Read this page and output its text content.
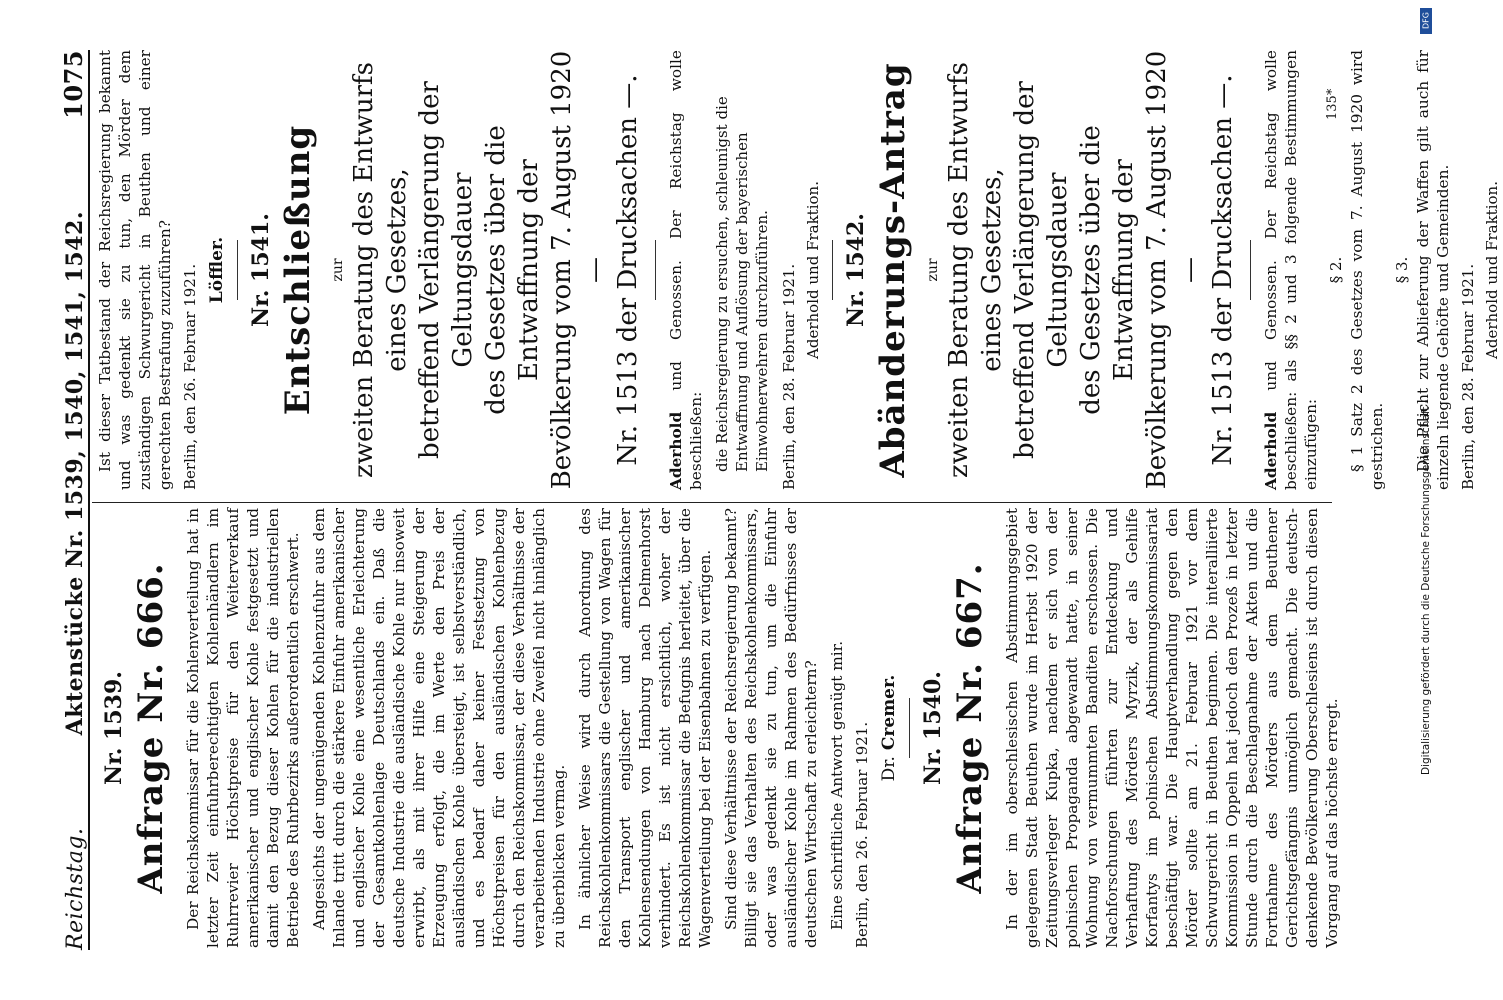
Reichstag.
Aktenstücke Nr. 1539, 1540, 1541, 1542.
1075
Nr. 1539. Anfrage Nr. 666. Der Reichskommissar für die Kohlenverteilung hat in letzter Zeit einfuhrberechtigten Kohlenhändlern im Ruhrrevier Höchstpreise für den Weiterverkauf amerikanischer und englischer Kohle festgesetzt und damit den Bezug dieser Kohlen für die industriellen Betriebe des Ruhrbezirks außerordentlich erschwert. Angesichts der ungenügenden Kohlenzufuhr aus dem Inlande tritt durch die stärkere Einfuhr amerikanischer und englischer Kohle eine wesentliche Erleichterung der Gesamtkohlenlage Deutschlands ein. Daß die deutsche Industrie die ausländische Kohle nur insoweit erwirbt, als mit ihrer Hilfe eine Steigerung der Erzeugung erfolgt, die im Werte den Preis der ausländischen Kohle übersteigt, ist selbstverständlich, und es bedarf daher keiner Festsetzung von Höchstpreisen für den ausländischen Kohlenbezug durch den Reichskommissar, der diese Verhältnisse der verarbeitenden Industrie ohne Zweifel nicht hinlänglich zu überblicken vermag. In ähnlicher Weise wird durch Anordnung des Reichskohlenkommissars die Gestellung von Wagen für den Transport englischer und amerikanischer Kohlensendungen von Hamburg nach Delmenhorst verhindert. Es ist nicht ersichtlich, woher der Reichskohlenkommissar die Befugnis herleitet, über die Wagenverteilung bei der Eisenbahnen zu verfügen. Sind diese Verhältnisse der Reichsregierung bekannt? Billigt sie das Verhalten des Reichskohlenkommissars, oder was gedenkt sie zu tun, um die Einfuhr ausländischer Kohle im Rahmen des Bedürfnisses der deutschen Wirtschaft zu erleichtern? Eine schriftliche Antwort genügt mir. Berlin, den 26. Februar 1921. Dr. Cremer. Nr. 1540. Anfrage Nr. 667. In der im oberschlesischen Abstimmungsgebiet gelegenen Stadt Beuthen wurde im Herbst 1920 der Zeitungsverleger Kupka, nachdem er sich von der polnischen Propaganda abgewandt hatte, in seiner Wohnung von vermummten Banditen erschossen. Die Nachforschungen führten zur Entdeckung und Verhaftung des Mörders Myrzik, der als Gehilfe Korfantys im polnischen Abstimmungskommissariat beschäftigt war. Die Hauptverhandlung gegen den Mörder sollte am 21. Februar 1921 vor dem Schwurgericht in Beuthen beginnen. Die interalliierte Kommission in Oppeln hat jedoch den Prozeß in letzter Stunde durch die Beschlagnahme der Akten und die Fortnahme des Mörders aus dem Beuthener Gerichtsgefängnis unmöglich gemacht. Die deutsch-denkende Bevölkerung Oberschlesiens ist durch diesen Vorgang auf das höchste erregt.

Ist dieser Tatbestand der Reichsregierung bekannt und was gedenkt sie zu tun, den Mörder dem zuständigen Schwurgericht in Beuthen und einer gerechten Bestrafung zuzuführen? Berlin, den 26. Februar 1921. Löffler. Nr. 1541. Entschließung zur zweiten Beratung des Entwurfs eines Gesetzes, betreffend Verlängerung der Geltungsdauer des Gesetzes über die Entwaffnung der Bevölkerung vom 7. August 1920 — Nr. 1513 der Drucksachen —. Aderhold und Genossen. Der Reichstag wolle beschließen: die Reichsregierung zu ersuchen, schleunigst die Entwaffnung und Auflösung der bayerischen Einwohnerwehren durchzuführen. Berlin, den 28. Februar 1921. Aderhold und Fraktion. Nr. 1542. Abänderungs-Antrag zur zweiten Beratung des Entwurfs eines Gesetzes, betreffend Verlängerung der Geltungsdauer des Gesetzes über die Entwaffnung der Bevölkerung vom 7. August 1920 — Nr. 1513 der Drucksachen —. Aderhold und Genossen. Der Reichstag wolle beschließen: als §§ 2 und 3 folgende Bestimmungen einzufügen:

§ 2. § 1 Satz 2 des Gesetzes vom 7. August 1920 wird gestrichen.

§ 3. Die Pflicht zur Ablieferung der Waffen gilt auch für einzeln liegende Gehöfte und Gemeinden. Berlin, den 28. Februar 1921. Aderhold und Fraktion.
135*
Digitalisierung gefördert durch die Deutsche Forschungsgemeinschaft -
DFG
